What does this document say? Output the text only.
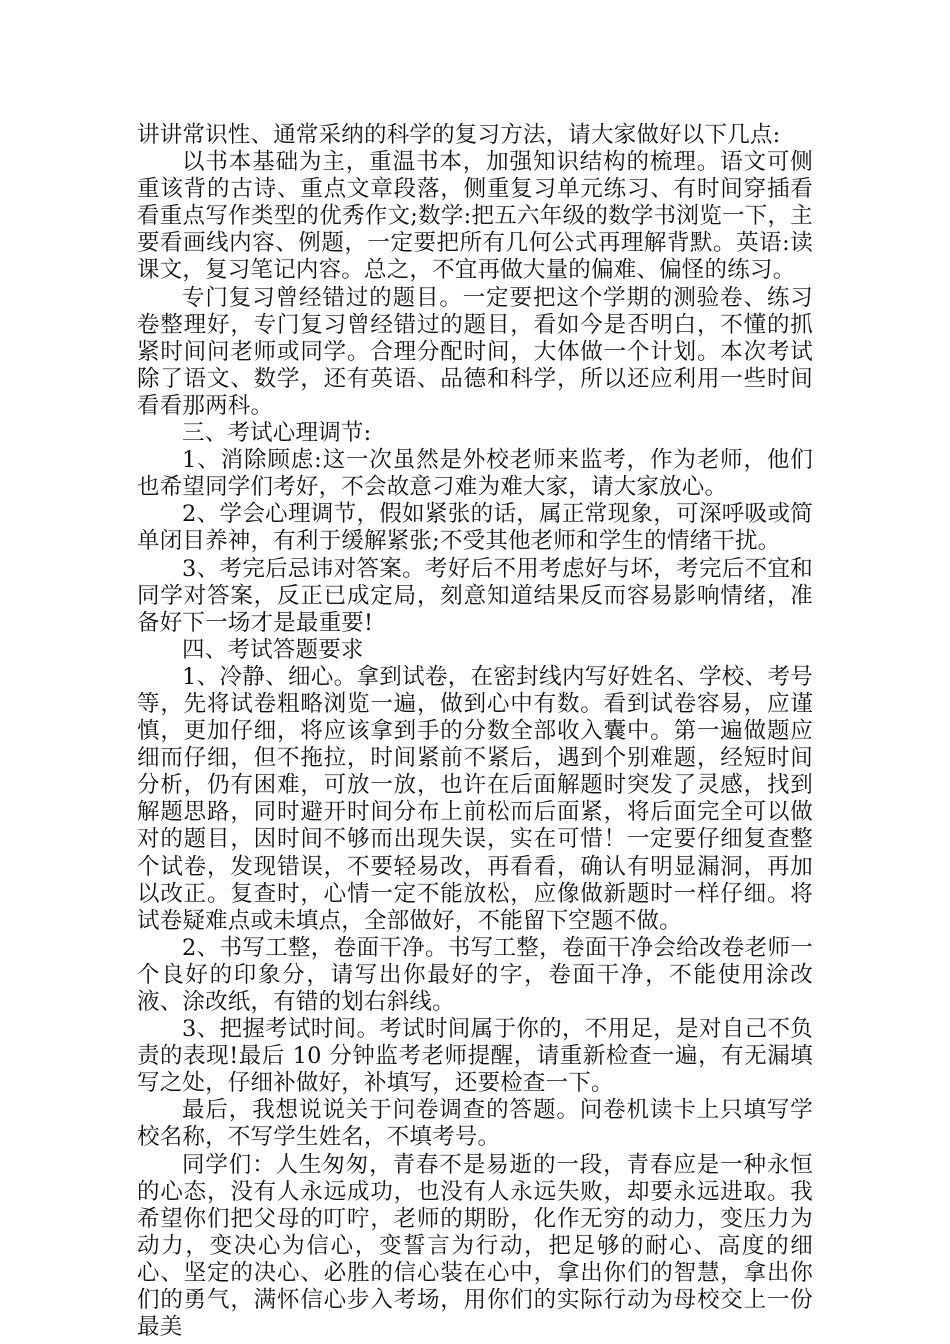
讲讲常识性、通常采纳的科学的复习方法，请大家做好以下几点:

以书本基础为主，重温书本，加强知识结构的梳理。语文可侧重该背的古诗、重点文章段落，侧重复习单元练习、有时间穿插看看重点写作类型的优秀作文;数学:把五六年级的数学书浏览一下，主要看画线内容、例题，一定要把所有几何公式再理解背默。英语:读课文，复习笔记内容。总之，不宜再做大量的偏难、偏怪的练习。

专门复习曾经错过的题目。一定要把这个学期的测验卷、练习卷整理好，专门复习曾经错过的题目，看如今是否明白，不懂的抓紧时间问老师或同学。合理分配时间，大体做一个计划。本次考试除了语文、数学，还有英语、品德和科学，所以还应利用一些时间看看那两科。

三、考试心理调节:

1、消除顾虑:这一次虽然是外校老师来监考，作为老师，他们也希望同学们考好，不会故意刁难为难大家，请大家放心。

2、学会心理调节，假如紧张的话，属正常现象，可深呼吸或简单闭目养神，有利于缓解紧张;不受其他老师和学生的情绪干扰。

3、考完后忌讳对答案。考好后不用考虑好与坏，考完后不宜和同学对答案，反正已成定局，刻意知道结果反而容易影响情绪，准备好下一场才是最重要!

四、考试答题要求

1、冷静、细心。拿到试卷，在密封线内写好姓名、学校、考号等，先将试卷粗略浏览一遍，做到心中有数。看到试卷容易，应谨慎，更加仔细，将应该拿到手的分数全部收入囊中。第一遍做题应细而仔细，但不拖拉，时间紧前不紧后，遇到个别难题，经短时间分析，仍有困难，可放一放，也许在后面解题时突发了灵感，找到解题思路，同时避开时间分布上前松而后面紧，将后面完全可以做对的题目，因时间不够而出现失误，实在可惜！一定要仔细复查整个试卷，发现错误，不要轻易改，再看看，确认有明显漏洞，再加以改正。复查时，心情一定不能放松，应像做新题时一样仔细。将试卷疑难点或未填点，全部做好，不能留下空题不做。

2、书写工整，卷面干净。书写工整，卷面干净会给改卷老师一个良好的印象分，请写出你最好的字，卷面干净，不能使用涂改液、涂改纸，有错的划右斜线。

3、把握考试时间。考试时间属于你的，不用足，是对自己不负责的表现!最后 10 分钟监考老师提醒，请重新检查一遍，有无漏填写之处，仔细补做好，补填写，还要检查一下。

最后，我想说说关于问卷调查的答题。问卷机读卡上只填写学校名称，不写学生姓名，不填考号。

同学们：人生匆匆，青春不是易逝的一段，青春应是一种永恒的心态，没有人永远成功，也没有人永远失败，却要永远进取。我希望你们把父母的叮咛，老师的期盼，化作无穷的动力，变压力为动力，变决心为信心，变誓言为行动，把足够的耐心、高度的细心、坚定的决心、必胜的信心装在心中，拿出你们的智慧，拿出你们的勇气，满怀信心步入考场，用你们的实际行动为母校交上一份最美
